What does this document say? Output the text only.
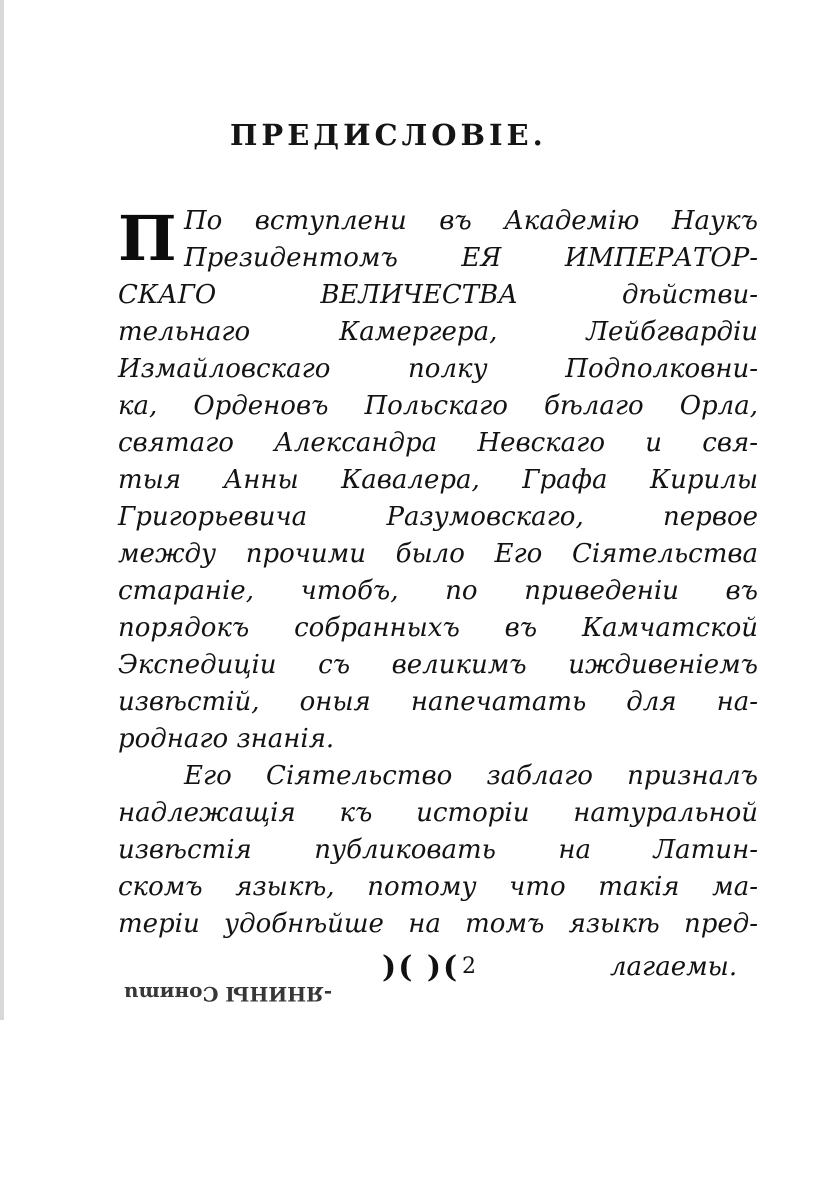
ПРЕДИСЛОВІЕ.
П По вступлени въ Академію Наукъ
Президентомъ ЕЯ ИМПЕРАТОР-
СКАГО ВЕЛИЧЕСТВА дѣйстви-
тельнаго Камергера, Лейбгвардіи
Измайловскаго полку Подполковни-
ка, Орденовъ Польскаго бѣлаго Орла,
святаго Александра Невскаго и свя-
тыя Анны Кавалера, Графа Кирилы
Григорьевича Разумовскаго, первое
между прочими было Его Сіятельства
стараніе, чтобъ, по приведеніи въ
порядокъ собранныхъ въ Камчатской
Экспедиціи съ великимъ иждивеніемъ
извѣстій, оныя напечатать для на-
роднаго знанія.
Его Сіятельство заблаго призналъ
надлежащія къ исторіи натуральной
извѣстія публиковать на Латин-
скомъ языкѣ, потому что такія ма-
теріи удобнѣйше на томъ языкѣ пред-
)( )( 2	лагаемы.
-ЯНИНЫ Cониmu
